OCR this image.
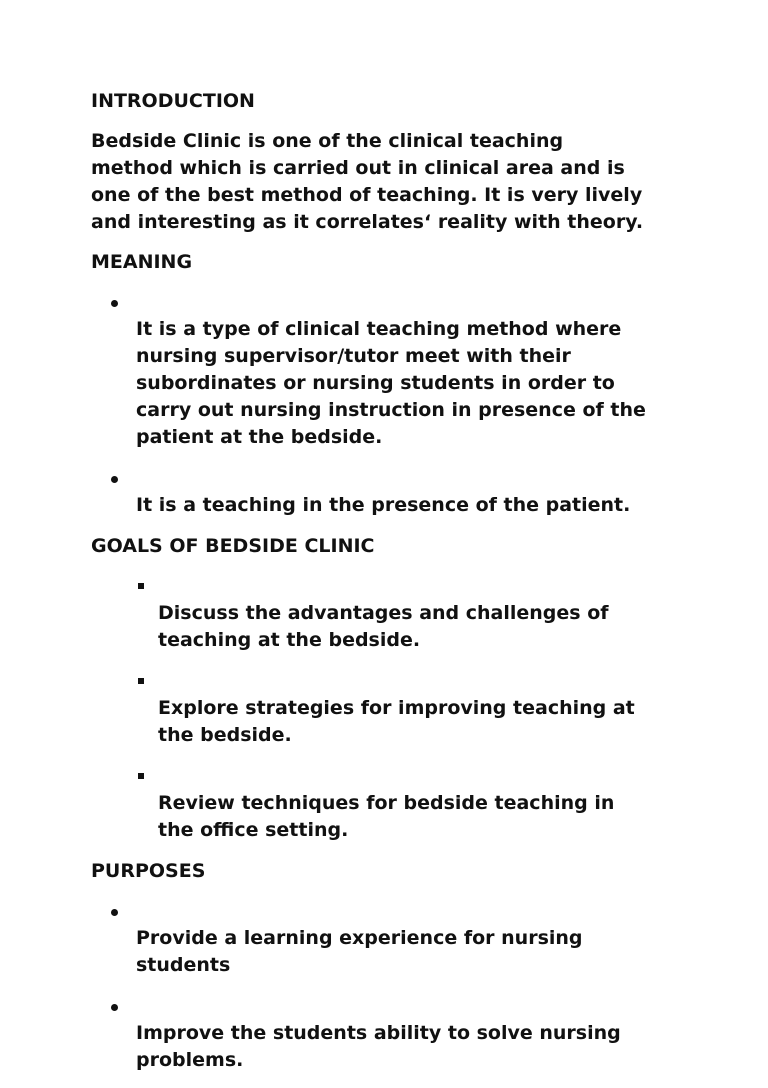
INTRODUCTION
Bedside Clinic is one of the clinical teaching
method which is carried out in clinical area and is
one of the best method of teaching. It is very lively
and interesting as it correlates‘ reality with theory.
MEANING

It is a type of clinical teaching method where
nursing supervisor/tutor meet with their
subordinates or nursing students in order to
carry out nursing instruction in presence of the
patient at the bedside.

It is a teaching in the presence of the patient.

GOALS OF BEDSIDE CLINIC

Discuss the advantages and challenges of
teaching at the bedside.

Explore strategies for improving teaching at
the bedside.

Review techniques for bedside teaching in
the office setting.

PURPOSES

Provide a learning experience for nursing
students

Improve the students ability to solve nursing
problems.
